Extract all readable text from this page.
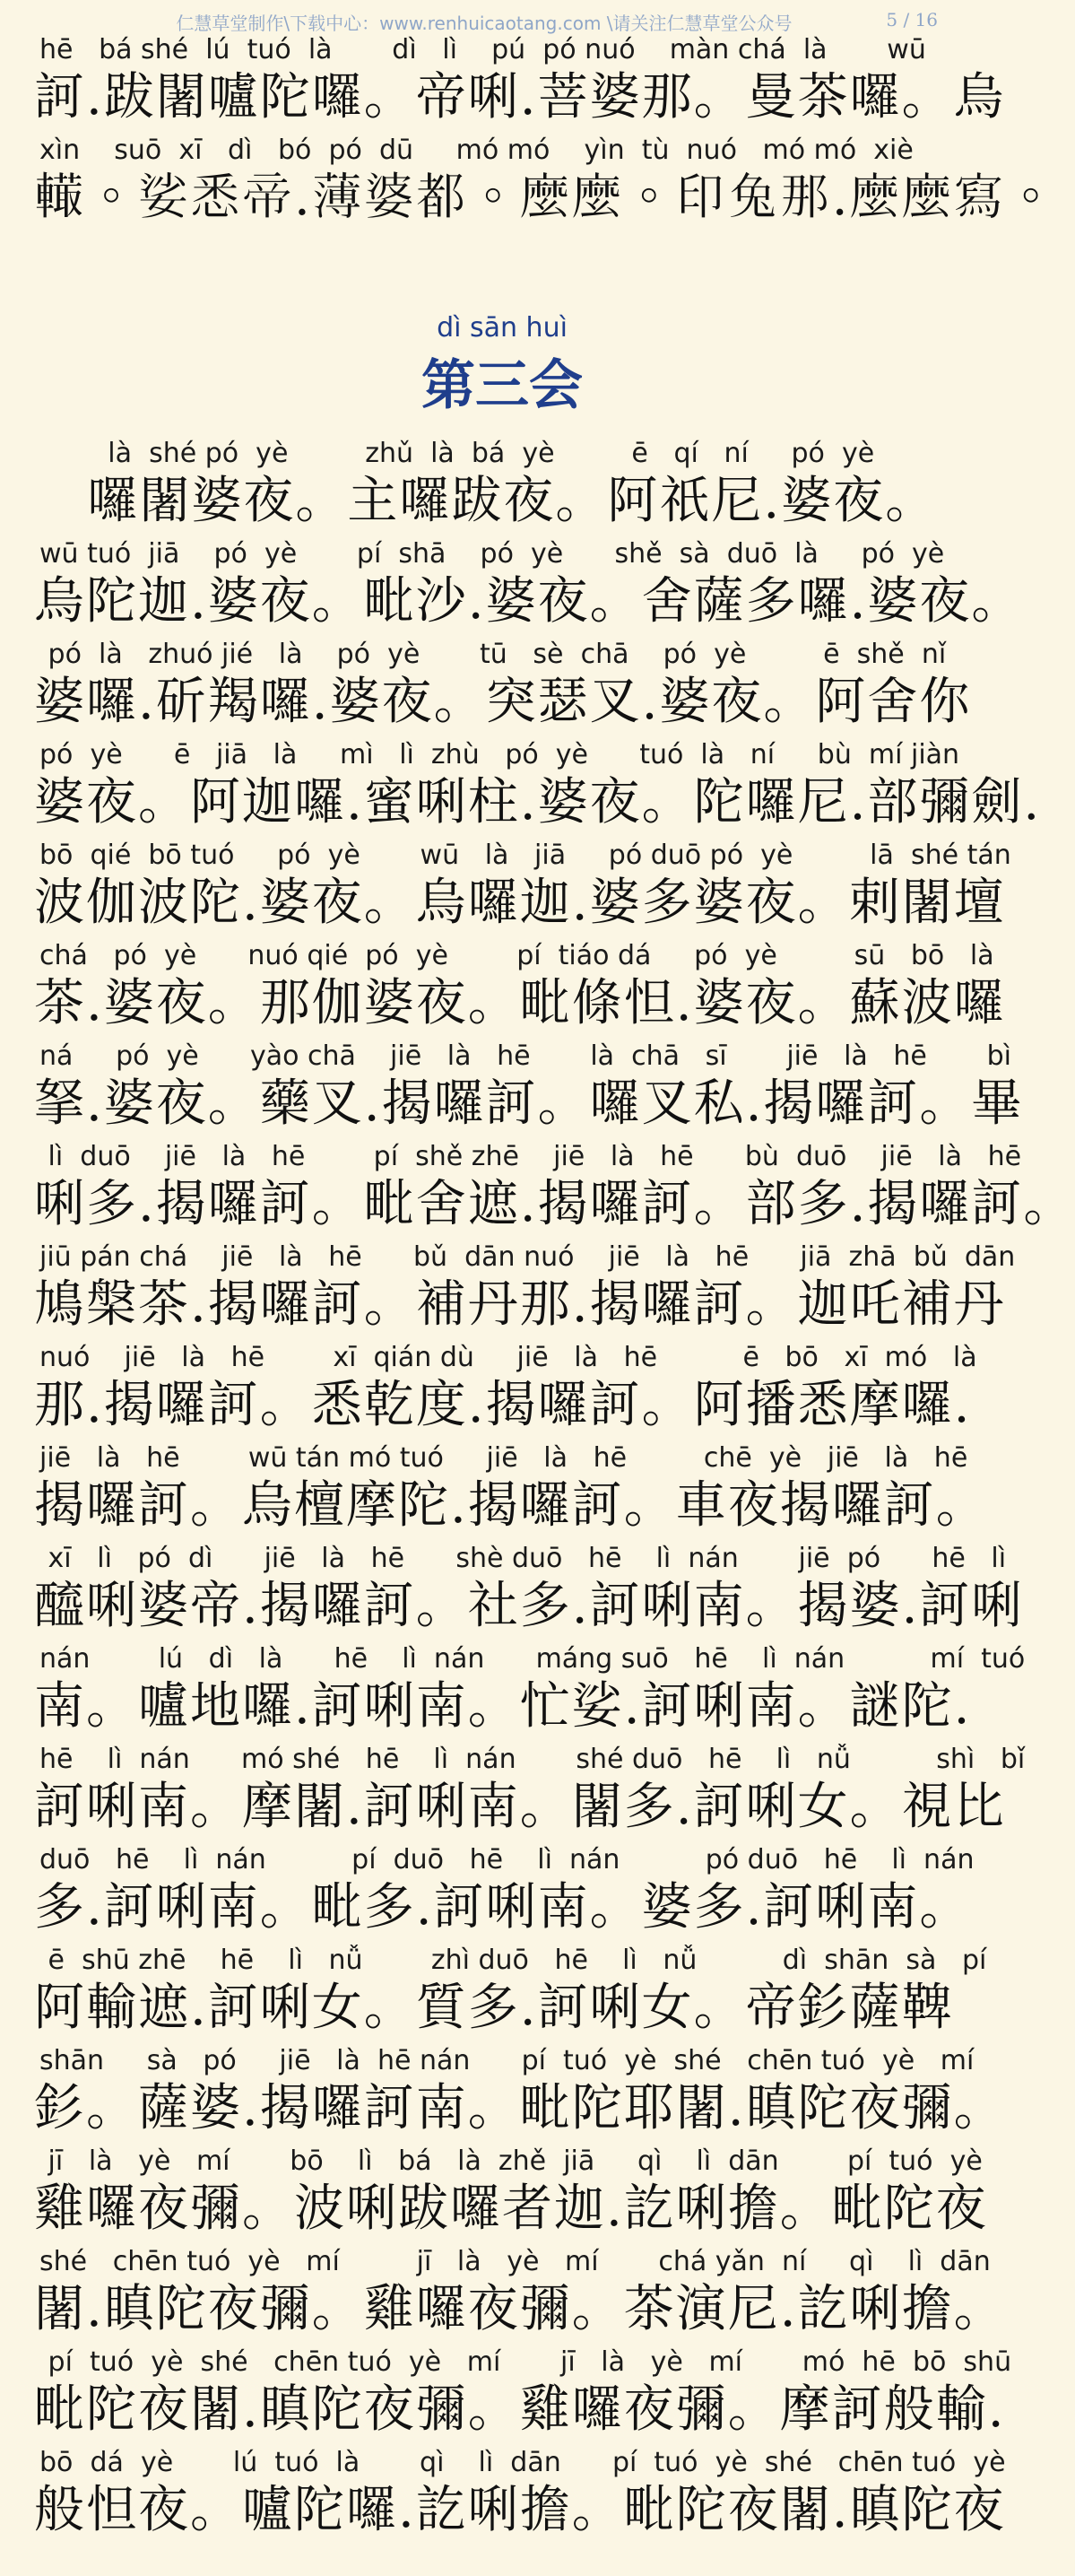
仁慧草堂制作\下载中心：www.renhuicaotang.com \请关注仁慧草堂公众号	5 / 16
hē   bá shé  lú  tuó  là       dì   lì    pú  pó nuó    màn chá  là       wū
訶.跋闍嚧陀囉。帝唎.菩婆那。曼茶囉。烏
xìn    suō  xī   dì   bó  pó  dū     mó mó    yìn  tù  nuó   mó mó  xiè
𨎮。娑悉帝.薄婆都。麼麼。印兔那.麼麼寫。
dì sān huì
第三会
là  shé pó  yè         zhǔ  là  bá  yè         ē   qí   ní     pó  yè
囉闍婆夜。主囉跋夜。阿祇尼.婆夜。
wū tuó  jiā    pó  yè       pí  shā    pó  yè      shě  sà  duō  là     pó  yè
烏陀迦.婆夜。毗沙.婆夜。舍薩多囉.婆夜。
pó  là   zhuó jié   là    pó  yè       tū   sè  chā    pó  yè         ē  shě  nǐ
婆囉.斫羯囉.婆夜。突瑟叉.婆夜。阿舍你
pó  yè      ē   jiā   là     mì   lì  zhù   pó  yè      tuó  là   ní     bù  mí jiàn
婆夜。阿迦囉.蜜唎柱.婆夜。陀囉尼.部彌劍.
bō  qié  bō tuó     pó  yè       wū   là   jiā     pó duō pó  yè         lā  shé tán
波伽波陀.婆夜。烏囉迦.婆多婆夜。剌闍壇
chá   pó  yè      nuó qié  pó  yè        pí  tiáo dá     pó  yè         sū   bō   là
茶.婆夜。那伽婆夜。毗條怛.婆夜。蘇波囉
ná     pó  yè      yào chā    jiē   là   hē       là  chā   sī       jiē   là   hē       bì
拏.婆夜。藥叉.揭囉訶。囉叉私.揭囉訶。畢
lì  duō    jiē   là   hē        pí  shě zhē    jiē   là   hē      bù  duō    jiē   là   hē
唎多.揭囉訶。毗舍遮.揭囉訶。部多.揭囉訶。
jiū pán chá    jiē   là   hē      bǔ  dān nuó    jiē   là   hē      jiā  zhā  bǔ  dān
鳩槃茶.揭囉訶。補丹那.揭囉訶。迦吒補丹
nuó    jiē   là   hē        xī  qián dù     jiē   là   hē          ē   bō   xī  mó   là
那.揭囉訶。悉乾度.揭囉訶。阿播悉摩囉.
jiē   là   hē        wū tán mó tuó     jiē   là   hē         chē  yè   jiē   là   hē
揭囉訶。烏檀摩陀.揭囉訶。車夜揭囉訶。
xī   lì   pó  dì      jiē   là   hē      shè duō   hē    lì  nán       jiē  pó      hē   lì
醯唎婆帝.揭囉訶。社多.訶唎南。揭婆.訶唎
nán        lú   dì   là      hē    lì  nán      máng suō   hē    lì  nán          mí  tuó
南。嚧地囉.訶唎南。忙娑.訶唎南。謎陀.
hē    lì  nán      mó shé   hē    lì  nán       shé duō   hē    lì   nǚ          shì   bǐ
訶唎南。摩闍.訶唎南。闍多.訶唎女。視比
duō   hē    lì  nán          pí  duō   hē    lì  nán          pó duō   hē    lì  nán
多.訶唎南。毗多.訶唎南。婆多.訶唎南。
ē  shū zhē    hē    lì   nǚ        zhì duō   hē    lì   nǚ          dì  shān  sà   pí
阿輸遮.訶唎女。質多.訶唎女。帝釤薩鞞
shān     sà   pó     jiē   là  hē nán      pí  tuó  yè  shé   chēn tuó  yè   mí
釤。薩婆.揭囉訶南。毗陀耶闍.瞋陀夜彌。
jī   là   yè   mí       bō    lì   bá   là  zhě  jiā     qì    lì  dān        pí  tuó  yè
雞囉夜彌。波唎跋囉者迦.訖唎擔。毗陀夜
shé   chēn tuó  yè   mí         jī   là   yè   mí       chá yǎn  ní     qì    lì  dān
闍.瞋陀夜彌。雞囉夜彌。茶演尼.訖唎擔。
pí  tuó  yè  shé   chēn tuó  yè   mí       jī   là   yè   mí       mó  hē  bō  shū
毗陀夜闍.瞋陀夜彌。雞囉夜彌。摩訶般輸.
bō  dá  yè       lú  tuó  là       qì    lì  dān      pí  tuó  yè  shé   chēn tuó  yè
般怛夜。嚧陀囉.訖唎擔。毗陀夜闍.瞋陀夜
